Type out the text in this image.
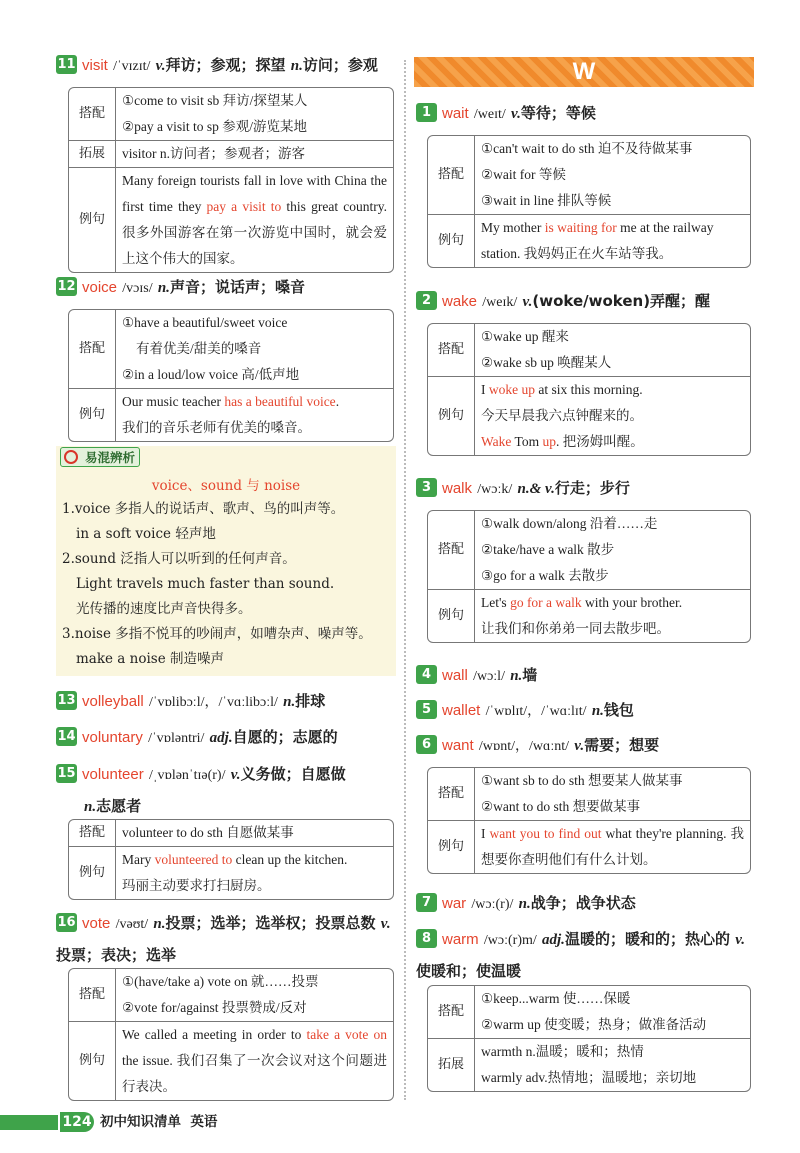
11 visit /ˈvɪzɪt/ v.拜访；参观；探望 n.访问；参观
搭配	①come to visit sb 拜访/探望某人
②pay a visit to sp 参观/游览某地

拓展	visitor n.访问者；参观者；游客

例句	Many foreign tourists fall in love with China the first time they pay a visit to this great country. 很多外国游客在第一次游览中国时，就会爱上这个伟大的国家。
12 voice /vɔɪs/ n.声音；说话声；嗓音
搭配	①have a beautiful/sweet voice
有着优美/甜美的嗓音
②in a loud/low voice 高/低声地

例句	Our music teacher has a beautiful voice.
我们的音乐老师有优美的嗓音。
易混辨析
voice、sound 与 noise
1.voice 多指人的说话声、歌声、鸟的叫声等。
in a soft voice 轻声地
2.sound 泛指人可以听到的任何声音。
Light travels much faster than sound.
光传播的速度比声音快得多。
3.noise 多指不悦耳的吵闹声，如嘈杂声、噪声等。
make a noise 制造噪声
13 volleyball /ˈvɒlibɔːl/，/ˈvɑːlibɔːl/ n.排球
14 voluntary /ˈvɒləntri/ adj.自愿的；志愿的
15 volunteer /ˌvɒlənˈtɪə(r)/ v.义务做；自愿做
n.志愿者
搭配	volunteer to do sth 自愿做某事

例句	Mary volunteered to clean up the kitchen.
玛丽主动要求打扫厨房。
16 vote /vəʊt/ n.投票；选举；选举权；投票总数 v.投票；表决；选举
搭配	①(have/take a) vote on 就……投票
②vote for/against 投票赞成/反对

例句	We called a meeting in order to take a vote on the issue. 我们召集了一次会议对这个问题进行表决。
W
1 wait /weɪt/ v.等待；等候
搭配	①can't wait to do sth 迫不及待做某事
②wait for 等候
③wait in line 排队等候

例句	My mother is waiting for me at the railway station. 我妈妈正在火车站等我。
2 wake /weɪk/ v.(woke/woken)弄醒；醒
搭配	①wake up 醒来
②wake sb up 唤醒某人

例句	I woke up at six this morning.
今天早晨我六点钟醒来的。
Wake Tom up. 把汤姆叫醒。
3 walk /wɔːk/ n.& v.行走；步行
搭配	①walk down/along 沿着……走
②take/have a walk 散步
③go for a walk 去散步

例句	Let's go for a walk with your brother.
让我们和你弟弟一同去散步吧。
4 wall /wɔːl/ n.墙
5 wallet /ˈwɒlɪt/，/ˈwɑːlɪt/ n.钱包
6 want /wɒnt/，/wɑːnt/ v.需要；想要
搭配	①want sb to do sth 想要某人做某事
②want to do sth 想要做某事

例句	I want you to find out what they're planning. 我想要你查明他们有什么计划。
7 war /wɔː(r)/ n.战争；战争状态
8 warm /wɔː(r)m/ adj.温暖的；暖和的；热心的 v.使暖和；使温暖
搭配	①keep...warm 使……保暖
②warm up 使变暖；热身；做准备活动

拓展	warmth n.温暖；暖和；热情
warmly adv.热情地；温暖地；亲切地
124 初中知识清单 英语
